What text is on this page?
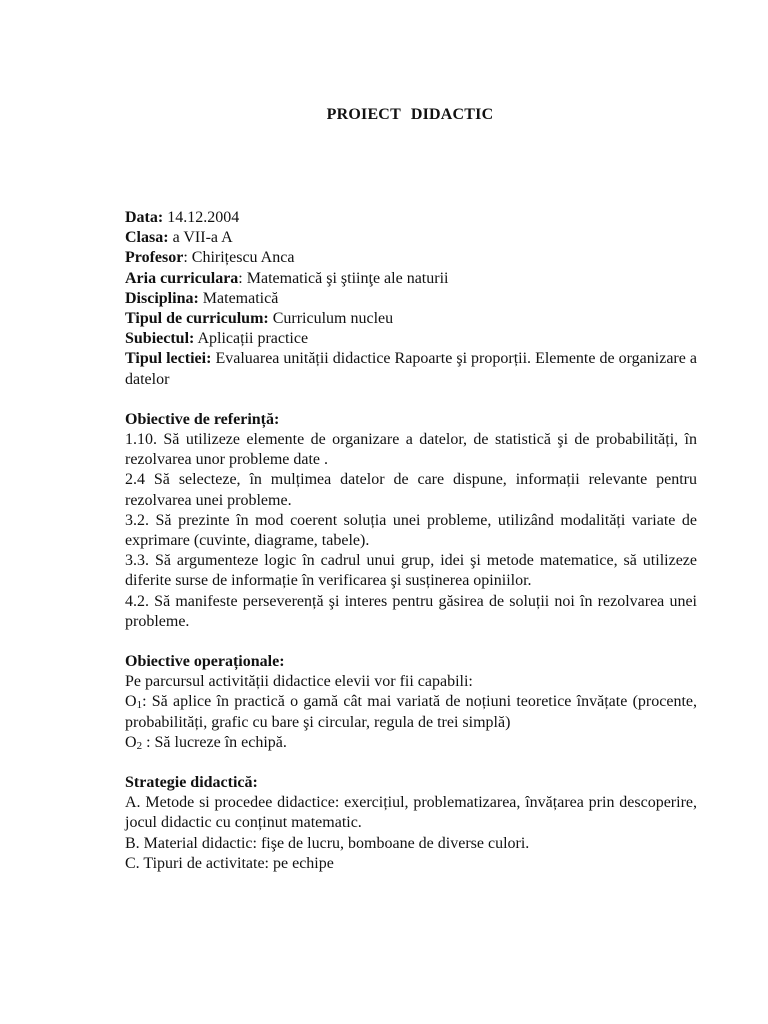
PROIECT DIDACTIC

Data: 14.12.2004

Clasa: a VII-a A

Profesor: Chirițescu Anca

Aria curriculara: Matematică şi ştiinţe ale naturii

Disciplina: Matematică

Tipul de curriculum: Curriculum nucleu

Subiectul: Aplicații practice

Tipul lectiei: Evaluarea unității didactice Rapoarte şi proporții. Elemente de organizare a datelor

Obiective de referință:

1.10. Să utilizeze elemente de organizare a datelor, de statistică şi de probabilități, în rezolvarea unor probleme date .

2.4 Să selecteze, în mulțimea datelor de care dispune, informații relevante pentru rezolvarea unei probleme.

3.2. Să prezinte în mod coerent soluția unei probleme, utilizând modalități variate de exprimare (cuvinte, diagrame, tabele).

3.3. Să argumenteze logic în cadrul unui grup, idei şi metode matematice, să utilizeze diferite surse de informație în verificarea şi susținerea opiniilor.

4.2. Să manifeste perseverență şi interes pentru găsirea de soluții noi în rezolvarea unei probleme.

Obiective operaționale:

Pe parcursul activității didactice elevii vor fii capabili:

$O_1$: Să aplice în practică o gamă cât mai variată de noțiuni teoretice învățate (procente, probabilități, grafic cu bare şi circular, regula de trei simplă)

$O_2$ : Să lucreze în echipă.

Strategie didactică:

A. Metode si procedee didactice: exercițiul, problematizarea, învățarea prin descoperire, jocul didactic cu conținut matematic.

B. Material didactic: fişe de lucru, bomboane de diverse culori.

C. Tipuri de activitate: pe echipe
